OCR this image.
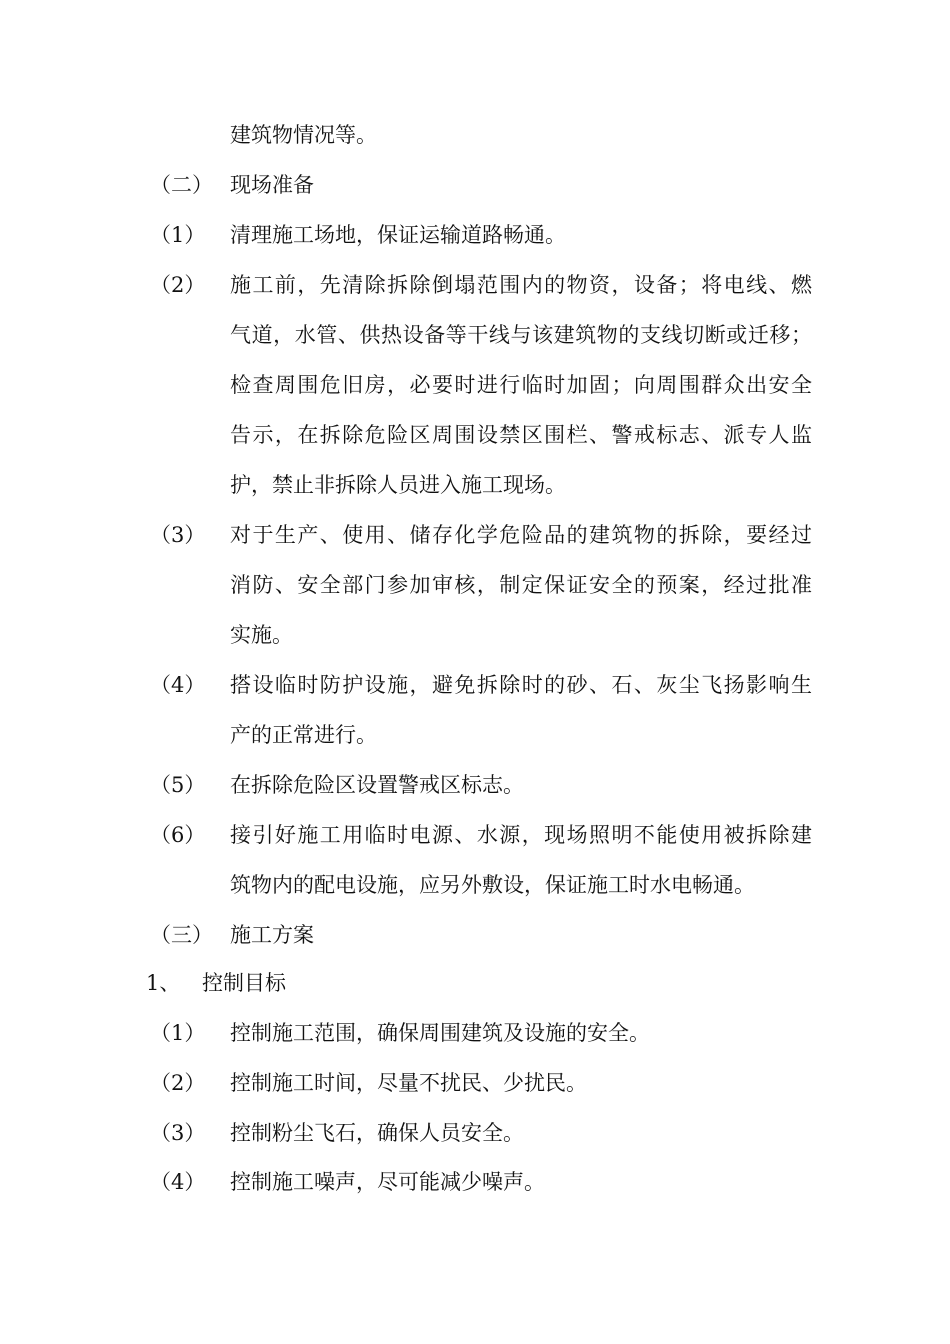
建筑物情况等。
（二） 现场准备
（1） 清理施工场地，保证运输道路畅通。
（2） 施工前，先清除拆除倒塌范围内的物资，设备；将电线、燃
气道，水管、供热设备等干线与该建筑物的支线切断或迁移；
检查周围危旧房，必要时进行临时加固；向周围群众出安全
告示，在拆除危险区周围设禁区围栏、警戒标志、派专人监
护，禁止非拆除人员进入施工现场。
（3） 对于生产、使用、储存化学危险品的建筑物的拆除，要经过
消防、安全部门参加审核，制定保证安全的预案，经过批准
实施。
（4） 搭设临时防护设施，避免拆除时的砂、石、灰尘飞扬影响生
产的正常进行。
（5） 在拆除危险区设置警戒区标志。
（6） 接引好施工用临时电源、水源，现场照明不能使用被拆除建
筑物内的配电设施，应另外敷设，保证施工时水电畅通。
（三） 施工方案
1、 控制目标
（1） 控制施工范围，确保周围建筑及设施的安全。
（2） 控制施工时间，尽量不扰民、少扰民。
（3） 控制粉尘飞石，确保人员安全。
（4） 控制施工噪声，尽可能减少噪声。
